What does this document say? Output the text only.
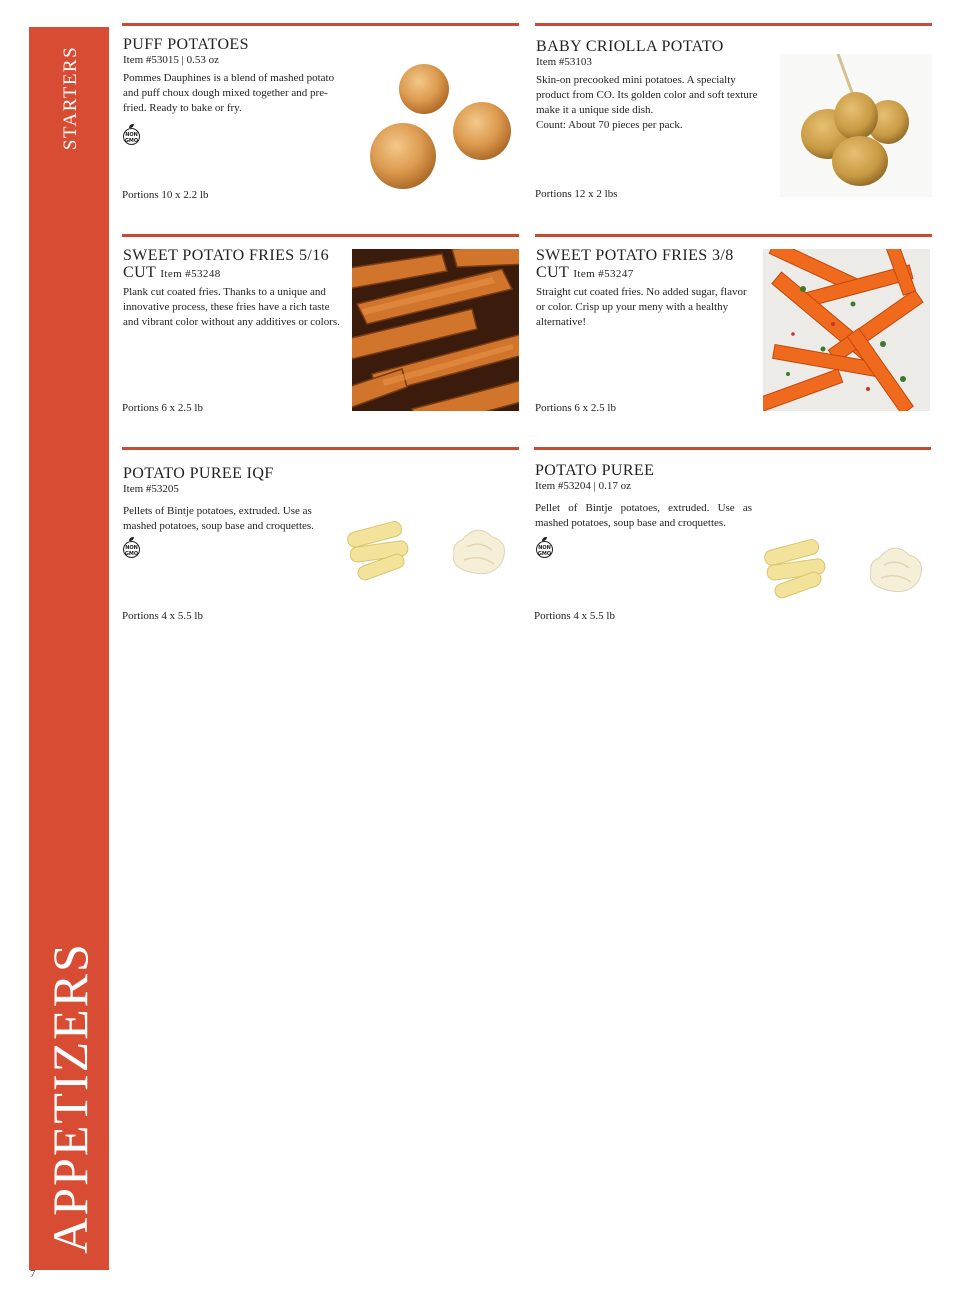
STARTERS
APPETIZERS
7
PUFF POTATOES
Item #53015 | 0.53 oz
Pommes Dauphines is a blend of mashed potato and puff choux dough mixed together and pre-fried. Ready to bake or fry.
NON GMO
Portions 10 x 2.2 lb
BABY CRIOLLA POTATO
Item #53103
Skin-on precooked mini potatoes. A specialty product from CO. Its golden color and soft texture make it a unique side dish.
Count: About 70 pieces per pack.
Portions 12 x 2 lbs
SWEET POTATO FRIES 5/16
CUT Item #53248
Plank cut coated fries. Thanks to a unique and innovative process, these fries have a rich taste and vibrant color without any additives or colors.
Portions 6 x 2.5 lb
SWEET POTATO FRIES 3/8
CUT Item #53247
Straight cut coated fries. No added sugar, flavor or color. Crisp up your meny with a healthy alternative!
Portions 6 x 2.5 lb
POTATO PUREE IQF
Item #53205
Pellets of Bintje potatoes, extruded. Use as mashed potatoes, soup base and croquettes.
NON GMO
Portions 4 x 5.5 lb
POTATO PUREE
Item #53204 | 0.17 oz
Pellet of Bintje potatoes, extruded. Use as mashed potatoes, soup base and croquettes.
NON GMO
Portions 4 x 5.5 lb
